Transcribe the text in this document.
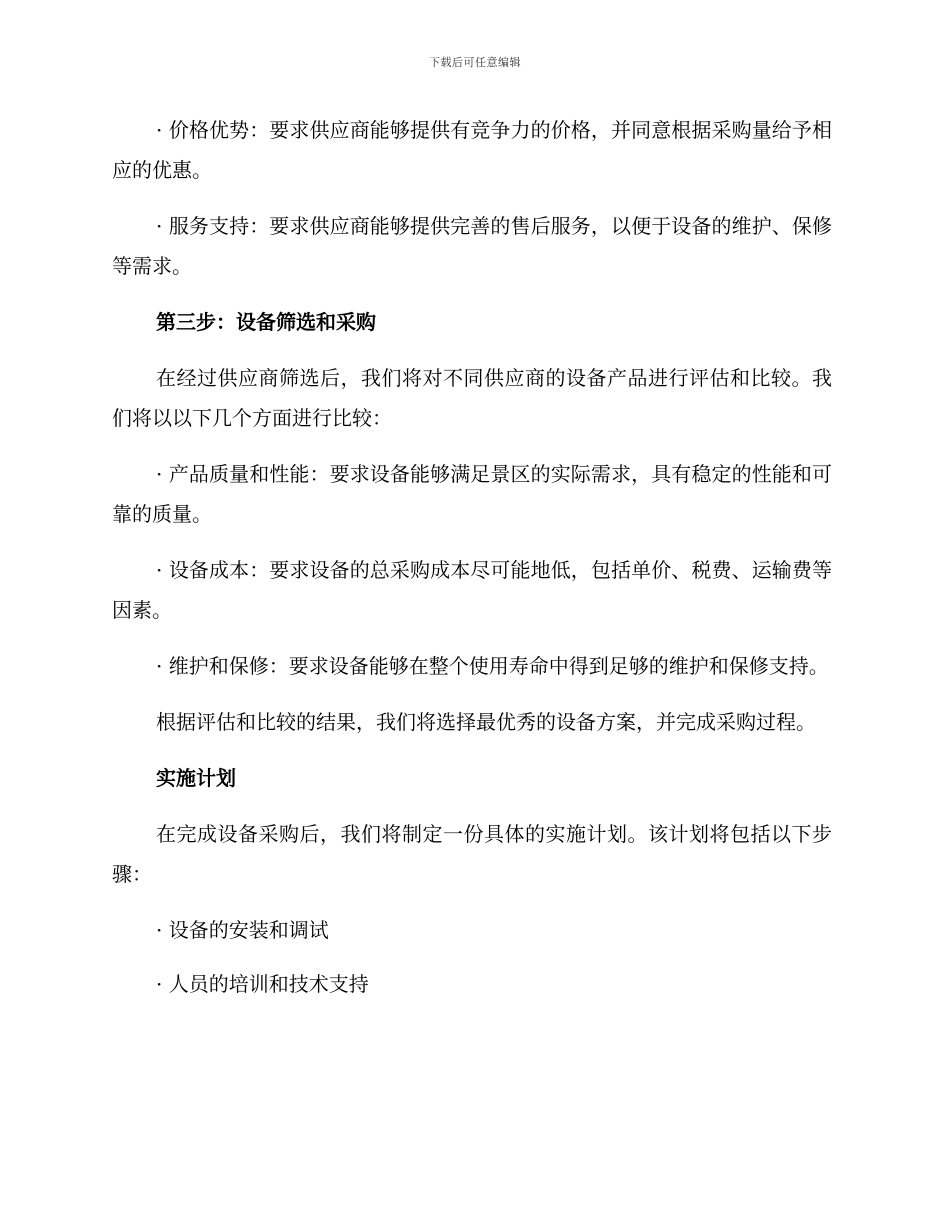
下载后可任意编辑

· 价格优势：要求供应商能够提供有竞争力的价格，并同意根据采购量给予相应的优惠。

· 服务支持：要求供应商能够提供完善的售后服务，以便于设备的维护、保修等需求。

第三步：设备筛选和采购

在经过供应商筛选后，我们将对不同供应商的设备产品进行评估和比较。我们将以以下几个方面进行比较：

· 产品质量和性能：要求设备能够满足景区的实际需求，具有稳定的性能和可靠的质量。

· 设备成本：要求设备的总采购成本尽可能地低，包括单价、税费、运输费等因素。

· 维护和保修：要求设备能够在整个使用寿命中得到足够的维护和保修支持。

根据评估和比较的结果，我们将选择最优秀的设备方案，并完成采购过程。

实施计划

在完成设备采购后，我们将制定一份具体的实施计划。该计划将包括以下步骤：

· 设备的安装和调试

· 人员的培训和技术支持
